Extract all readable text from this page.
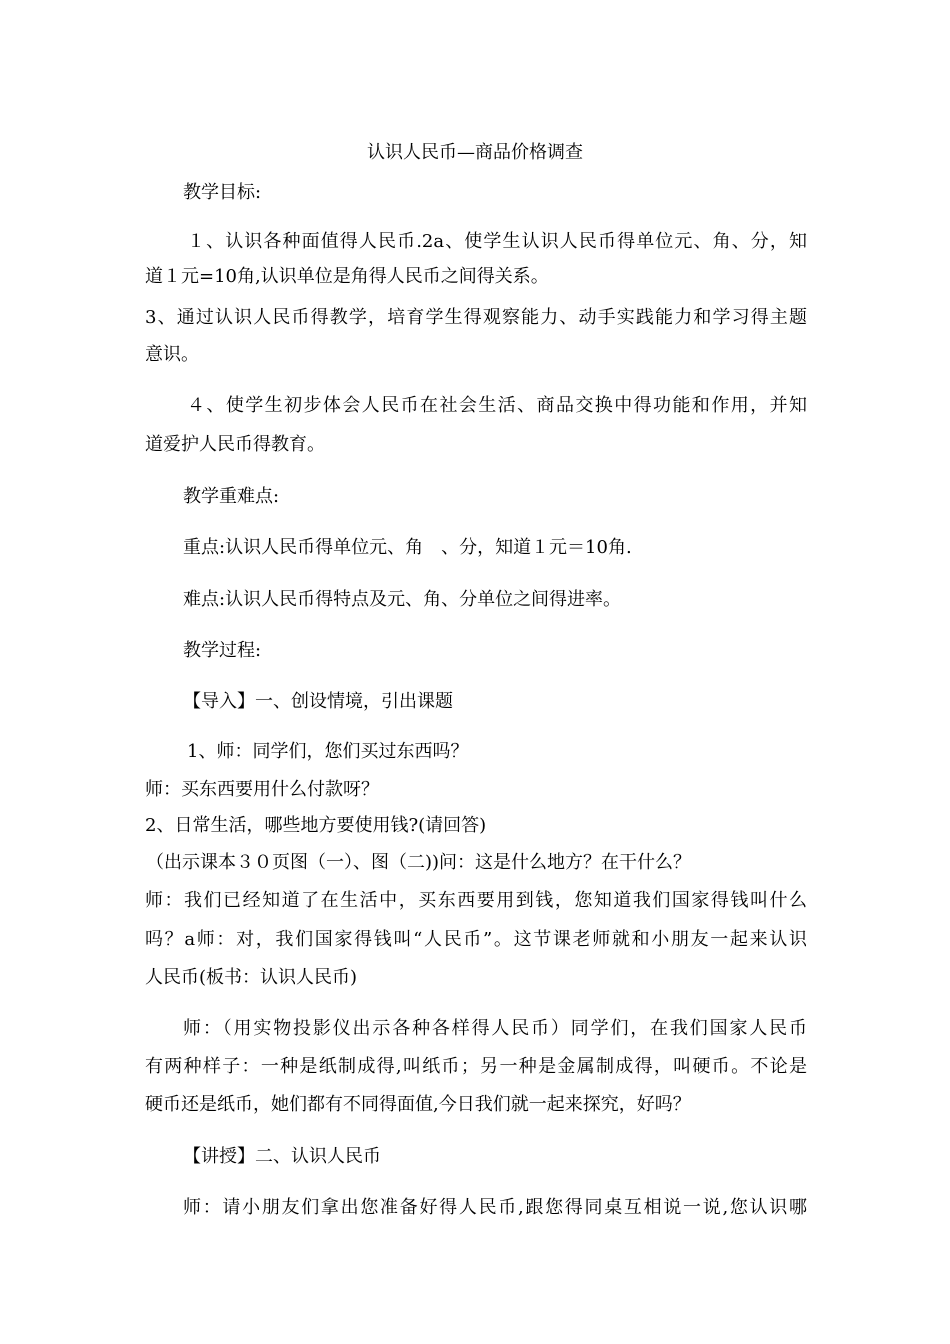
认识人民币—商品价格调查
教学目标:
１、认识各种面值得人民币.2a、使学生认识人民币得单位元、角、分，知
道１元=10角,认识单位是角得人民币之间得关系。
3、通过认识人民币得教学，培育学生得观察能力、动手实践能力和学习得主题
意识。
４、使学生初步体会人民币在社会生活、商品交换中得功能和作用，并知
道爱护人民币得教育。
教学重难点:
重点:认识人民币得单位元、角　、分，知道１元＝10角.
难点:认识人民币得特点及元、角、分单位之间得进率。
教学过程:
【导入】一、创设情境，引出课题
1、师：同学们，您们买过东西吗？
师：买东西要用什么付款呀？
2、日常生活，哪些地方要使用钱?(请回答)
（出示课本３０页图（一）、图（二))问：这是什么地方？在干什么？
师：我们已经知道了在生活中，买东西要用到钱，您知道我们国家得钱叫什么
吗？a师：对，我们国家得钱叫“人民币”。这节课老师就和小朋友一起来认识
人民币(板书：认识人民币)
师：（用实物投影仪出示各种各样得人民币）同学们，在我们国家人民币
有两种样子：一种是纸制成得,叫纸币；另一种是金属制成得，叫硬币。不论是
硬币还是纸币，她们都有不同得面值,今日我们就一起来探究，好吗？
【讲授】二、认识人民币
师：请小朋友们拿出您准备好得人民币,跟您得同桌互相说一说,您认识哪
